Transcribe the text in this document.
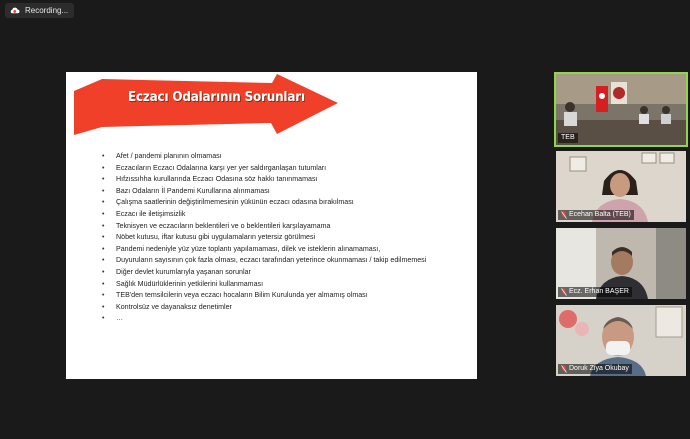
Recording...
Eczacı Odalarının Sorunları
• Afet / pandemi planının olmaması
• Eczacıların Eczacı Odalarına karşı yer yer saldırganlaşan tutumları
• Hıfzıssıhha kurullarında Eczacı Odasına söz hakkı tanınmaması
• Bazı Odaların İl Pandemi Kurullarına alınmaması
• Çalışma saatlerinin değiştirilmemesinin yükünün eczacı odasına bırakılması
• Eczacı ile iletişimsizlik
• Teknisyen ve eczacıların beklentileri ve o beklentileri karşılayamama
• Nöbet kutusu, iftar kutusu gibi uygulamaların yetersiz görülmesi
• Pandemi nedeniyle yüz yüze toplantı yapılamaması, dilek ve isteklerin alınamaması,
• Duyuruların sayısının çok fazla olması, eczacı tarafından yeterince okunmaması / takip edilmemesi
• Diğer devlet kurumlarıyla yaşanan sorunlar
• Sağlık Müdürlüklerinin yetkilerini kullanmaması
• TEB'den temsilcilerin veya eczacı hocaların Bilim Kurulunda yer almamış olması
• Kontrolsüz ve dayanaksız denetimler
• …
TEB
Ecehan Balta (TEB)
Ecz. Erhan BAŞER
Doruk Ziya Okubay
